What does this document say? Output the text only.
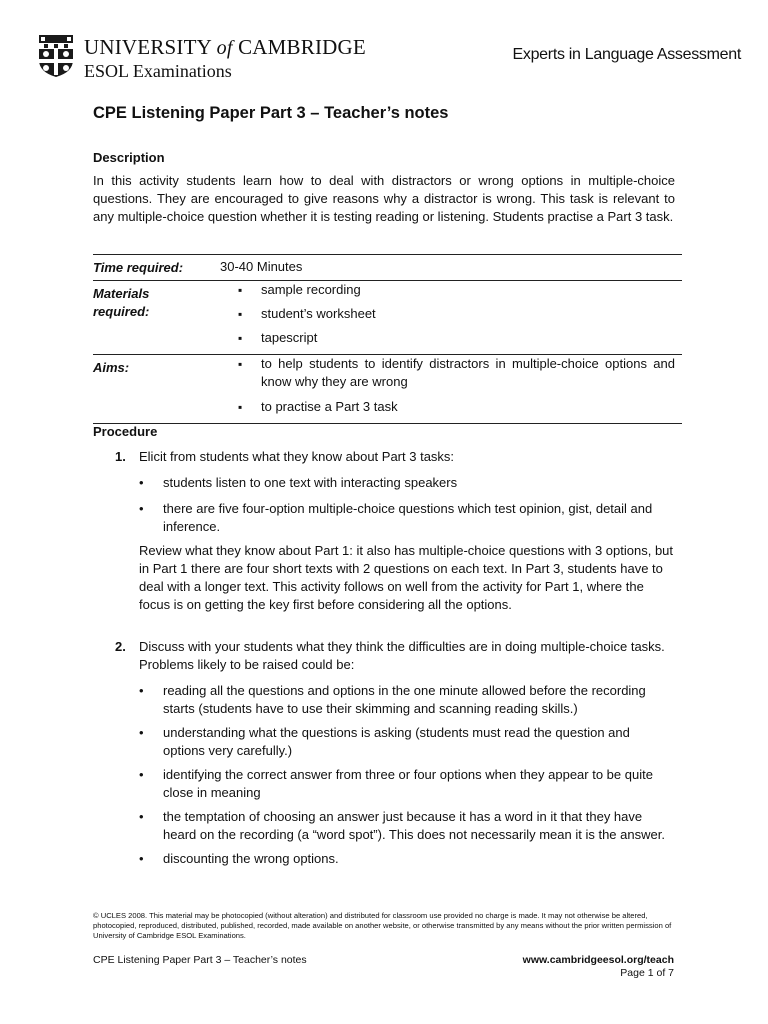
UNIVERSITY of CAMBRIDGE
ESOL Examinations
Experts in Language Assessment
CPE Listening Paper Part 3 – Teacher’s notes
Description

In this activity students learn how to deal with distractors or wrong options in multiple-choice questions. They are encouraged to give reasons why a distractor is wrong. This task is relevant to any multiple-choice question whether it is testing reading or listening. Students practise a Part 3 task.

Time required:	30-40 Minutes
Materials required:
▪ sample recording
▪ student’s worksheet
▪ tapescript
Aims:
▪	to help students to identify distractors in multiple-choice options and know why they are wrong
▪ to practise a Part 3 task
Procedure
1. Elicit from students what they know about Part 3 tasks:
• students listen to one text with interacting speakers
• there are five four-option multiple-choice questions which test opinion, gist, detail and inference.

Review what they know about Part 1: it also has multiple-choice questions with 3 options, but in Part 1 there are four short texts with 2 questions on each text. In Part 3, students have to deal with a longer text. This activity follows on well from the activity for Part 1, where the focus is on getting the key first before considering all the options.

2. Discuss with your students what they think the difficulties are in doing multiple-choice tasks. Problems likely to be raised could be:
• reading all the questions and options in the one minute allowed before the recording starts (students have to use their skimming and scanning reading skills.)
• understanding what the questions is asking (students must read the question and options very carefully.)
• identifying the correct answer from three or four options when they appear to be quite close in meaning
• the temptation of choosing an answer just because it has a word in it that they have heard on the recording (a “word spot”). This does not necessarily mean it is the answer.
• discounting the wrong options.

© UCLES 2008. This material may be photocopied (without alteration) and distributed for classroom use provided no charge is made. It may not otherwise be altered, photocopied, reproduced, distributed, published, recorded, made available on another website, or otherwise transmitted by any means without the prior written permission of University of Cambridge ESOL Examinations.

CPE Listening Paper Part 3 – Teacher’s notes	www.cambridgeesol.org/teach
Page 1 of 7
